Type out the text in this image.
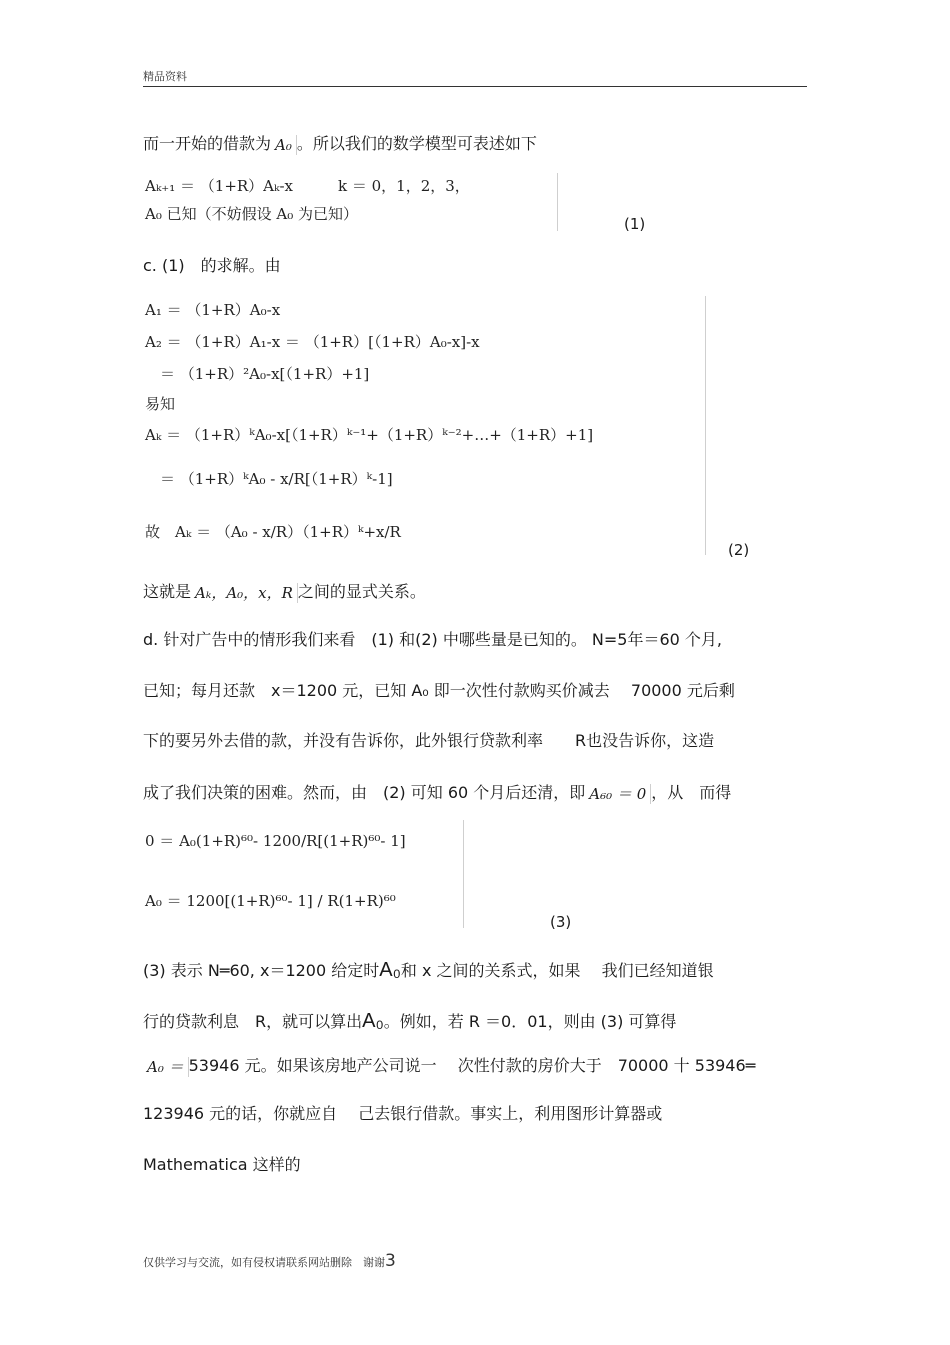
精品资料
而一开始的借款为 A₀ 。所以我们的数学模型可表述如下
Aₖ₊₁ ＝ （1+R）Aₖ-x　　　k ＝ 0，1，2，3，
A₀ 已知（不妨假设 A₀ 为已知）
(1)
c. (1)　的求解。由
A₁ ＝ （1+R）A₀-x
A₂ ＝ （1+R）A₁-x ＝ （1+R）[（1+R）A₀-x]-x
　＝ （1+R）²A₀-x[（1+R）+1]
易知
Aₖ ＝ （1+R）ᵏA₀-x[（1+R）ᵏ⁻¹+（1+R）ᵏ⁻²+…+（1+R）+1]
　＝ （1+R）ᵏA₀ - x/R[（1+R）ᵏ-1]
故　Aₖ ＝ （A₀ - x/R）（1+R）ᵏ+x/R
(2)
这就是 Aₖ，A₀，x，R 之间的显式关系。
d. 针对广告中的情形我们来看　(1) 和(2) 中哪些量是已知的。 N=5年＝60 个月,
已知；每月还款　x＝1200 元，已知 A₀ 即一次性付款购买价减去　 70000 元后剩
下的要另外去借的款，并没有告诉你，此外银行贷款利率　　R也没告诉你，这造
成了我们决策的困难。然而，由　(2) 可知 60 个月后还清，即 A₆₀ ＝ 0 ，从　而得
0 ＝ A₀(1+R)⁶⁰- 1200/R[(1+R)⁶⁰- 1]
A₀ ＝ 1200[(1+R)⁶⁰- 1] / R(1+R)⁶⁰
(3)
(3) 表示 N═60, x＝1200 给定时A₀和 x 之间的关系式，如果　 我们已经知道银
行的贷款利息　R，就可以算出A₀。例如，若 R ＝0．01，则由 (3) 可算得
A₀ ＝ 53946 元。如果该房地产公司说一　 次性付款的房价大于　70000 十 53946═
123946 元的话，你就应自　 己去银行借款。事实上，利用图形计算器或
Mathematica 这样的
仅供学习与交流，如有侵权请联系网站删除　谢谢3
